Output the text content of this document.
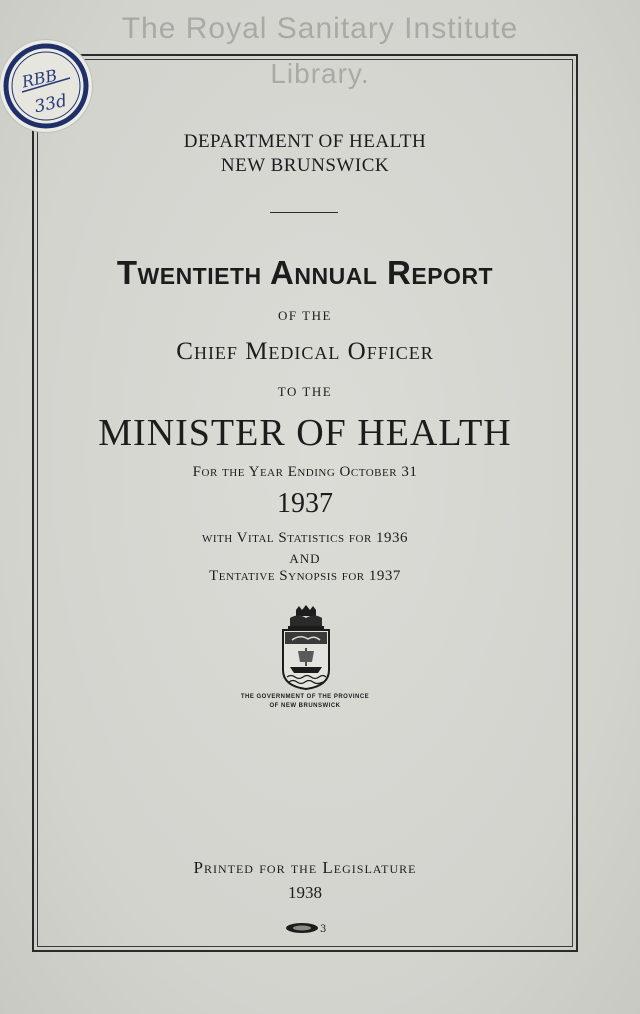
The Royal Sanitary Institute
Library.
RBB
33d
DEPARTMENT OF HEALTH
NEW BRUNSWICK
Twentieth Annual Report
OF THE
Chief Medical Officer
TO THE
MINISTER OF HEALTH
For the Year Ending October 31
1937
with Vital Statistics for 1936
AND
Tentative Synopsis for 1937
THE GOVERNMENT OF THE PROVINCE
OF NEW BRUNSWICK
Printed for the Legislature
1938
3
